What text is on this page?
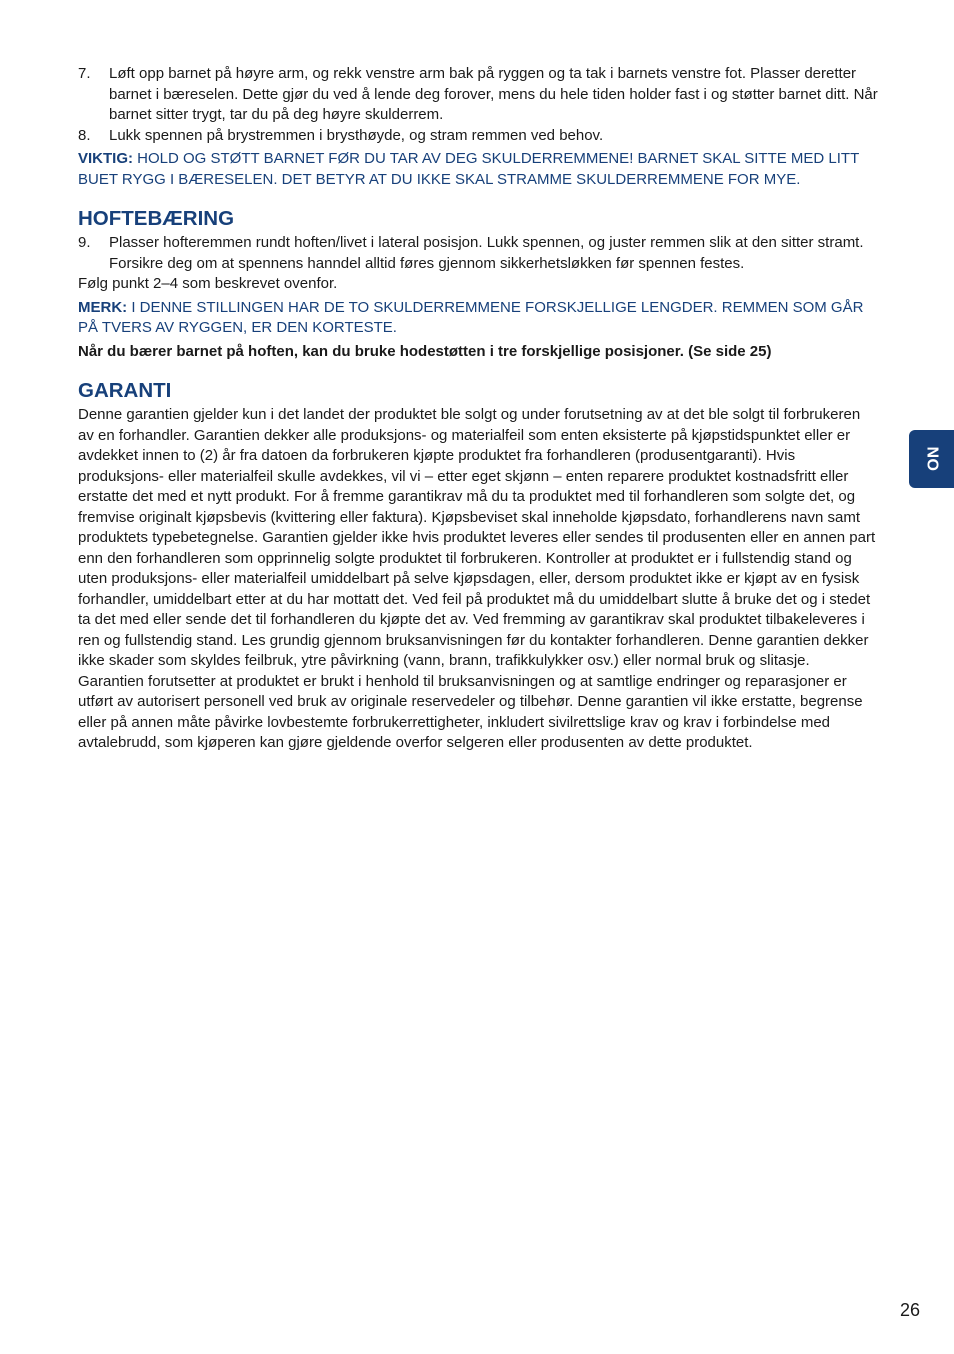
7. Løft opp barnet på høyre arm, og rekk venstre arm bak på ryggen og ta tak i barnets venstre fot. Plasser deretter barnet i bæreselen. Dette gjør du ved å lende deg forover, mens du hele tiden holder fast i og støtter barnet ditt. Når barnet sitter trygt, tar du på deg høyre skulderrem.
8. Lukk spennen på brystremmen i brysthøyde, og stram remmen ved behov.

VIKTIG: HOLD OG STØTT BARNET FØR DU TAR AV DEG SKULDERREMMENE! BARNET SKAL SITTE MED LITT BUET RYGG I BÆRESELEN. DET BETYR AT DU IKKE SKAL STRAMME SKULDERREMMENE FOR MYE.

HOFTEBÆRING
9. Plasser hofteremmen rundt hoften/livet i lateral posisjon. Lukk spennen, og juster remmen slik at den sitter stramt. Forsikre deg om at spennens hanndel alltid føres gjennom sikkerhetsløkken før spennen festes.

Følg punkt 2–4 som beskrevet ovenfor.

MERK: I DENNE STILLINGEN HAR DE TO SKULDERREMMENE FORSKJELLIGE LENGDER. REMMEN SOM GÅR PÅ TVERS AV RYGGEN, ER DEN KORTESTE.

Når du bærer barnet på hoften, kan du bruke hodestøtten i tre forskjellige posisjoner. (Se side 25)

GARANTI

Denne garantien gjelder kun i det landet der produktet ble solgt og under forutsetning av at det ble solgt til forbrukeren av en forhandler. Garantien dekker alle produksjons- og materialfeil som enten eksisterte på kjøpstidspunktet eller er avdekket innen to (2) år fra datoen da forbrukeren kjøpte produktet fra forhandleren (produsentgaranti). Hvis produksjons- eller materialfeil skulle avdekkes, vil vi – etter eget skjønn – enten reparere produktet kostnadsfritt eller erstatte det med et nytt produkt. For å fremme garantikrav må du ta produktet med til forhandleren som solgte det, og fremvise originalt kjøpsbevis (kvittering eller faktura). Kjøpsbeviset skal inneholde kjøpsdato, forhandlerens navn samt produktets typebetegnelse. Garantien gjelder ikke hvis produktet leveres eller sendes til produsenten eller en annen part enn den forhandleren som opprinnelig solgte produktet til forbrukeren. Kontroller at produktet er i fullstendig stand og uten produksjons- eller materialfeil umiddelbart på selve kjøpsdagen, eller, dersom produktet ikke er kjøpt av en fysisk forhandler, umiddelbart etter at du har mottatt det. Ved feil på produktet må du umiddelbart slutte å bruke det og i stedet ta det med eller sende det til forhandleren du kjøpte det av. Ved fremming av garantikrav skal produktet tilbakeleveres i ren og fullstendig stand. Les grundig gjennom bruksanvisningen før du kontakter forhandleren. Denne garantien dekker ikke skader som skyldes feilbruk, ytre påvirkning (vann, brann, trafikkulykker osv.) eller normal bruk og slitasje. Garantien forutsetter at produktet er brukt i henhold til bruksanvisningen og at samtlige endringer og reparasjoner er utført av autorisert personell ved bruk av originale reservedeler og tilbehør. Denne garantien vil ikke erstatte, begrense eller på annen måte påvirke lovbestemte forbrukerrettigheter, inkludert sivilrettslige krav og krav i forbindelse med avtalebrudd, som kjøperen kan gjøre gjeldende overfor selgeren eller produsenten av dette produktet.

NO
26
